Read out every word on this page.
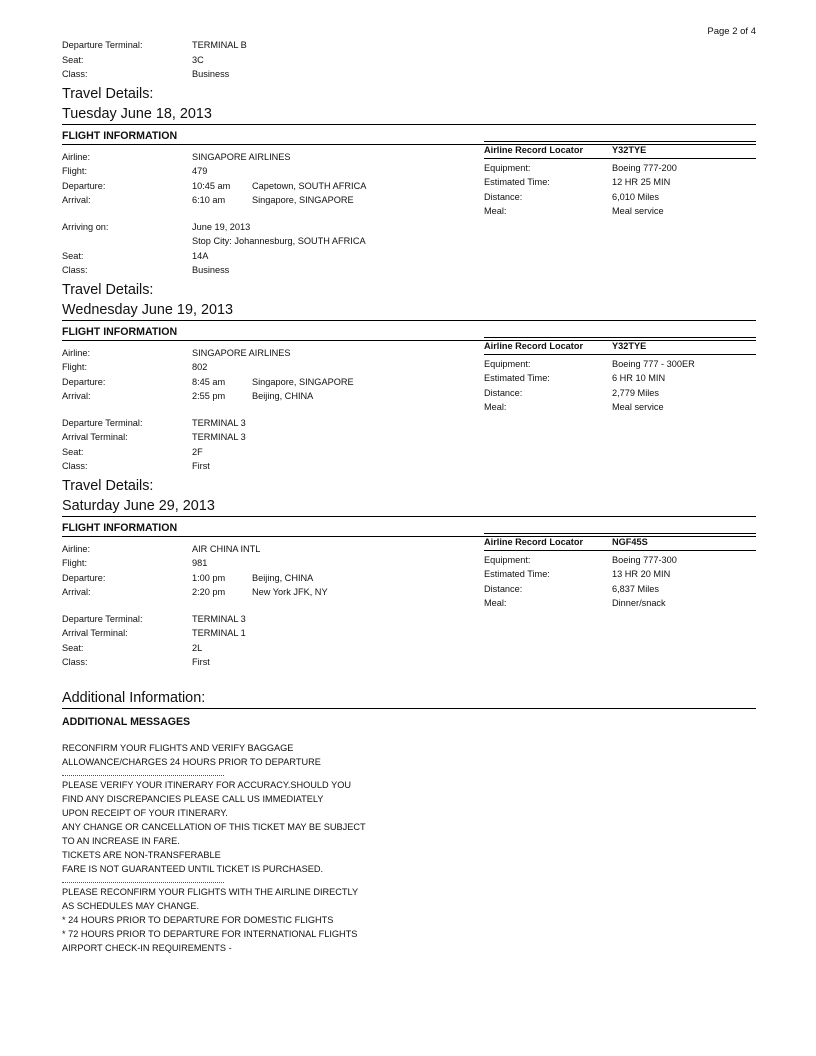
Page 2 of 4
Departure Terminal:	TERMINAL B
Seat:	3C
Class:	Business
Travel Details:
Tuesday June 18, 2013
FLIGHT INFORMATION
Airline:	SINGAPORE AIRLINES
Flight:	479
Departure:	10:45 am	Capetown, SOUTH AFRICA
Arrival:	6:10 am	Singapore, SINGAPORE
Arriving on:	June 19, 2013
Stop City: Johannesburg, SOUTH AFRICA
Seat:	14A
Class:	Business
Airline Record Locator	Y32TYE
Equipment:	Boeing 777-200
Estimated Time:	12 HR 25 MIN
Distance:	6,010 Miles
Meal:	Meal service
Travel Details:
Wednesday June 19, 2013
FLIGHT INFORMATION
Airline:	SINGAPORE AIRLINES
Flight:	802
Departure:	8:45 am	Singapore, SINGAPORE
Arrival:	2:55 pm	Beijing, CHINA
Departure Terminal:	TERMINAL 3
Arrival Terminal:	TERMINAL 3
Seat:	2F
Class:	First
Airline Record Locator	Y32TYE
Equipment:	Boeing 777 - 300ER
Estimated Time:	6 HR 10 MIN
Distance:	2,779 Miles
Meal:	Meal service
Travel Details:
Saturday June 29, 2013
FLIGHT INFORMATION
Airline:	AIR CHINA INTL
Flight:	981
Departure:	1:00 pm	Beijing, CHINA
Arrival:	2:20 pm	New York JFK, NY
Departure Terminal:	TERMINAL 3
Arrival Terminal:	TERMINAL 1
Seat:	2L
Class:	First
Airline Record Locator	NGF45S
Equipment:	Boeing 777-300
Estimated Time:	13 HR 20 MIN
Distance:	6,837 Miles
Meal:	Dinner/snack
Additional Information:
ADDITIONAL MESSAGES
RECONFIRM YOUR FLIGHTS AND VERIFY BAGGAGE
ALLOWANCE/CHARGES 24 HOURS PRIOR TO DEPARTURE
PLEASE VERIFY YOUR ITINERARY FOR ACCURACY.SHOULD YOU
FIND ANY DISCREPANCIES PLEASE CALL US IMMEDIATELY
UPON RECEIPT OF YOUR ITINERARY.
ANY CHANGE OR CANCELLATION OF THIS TICKET MAY BE SUBJECT
TO AN INCREASE IN FARE.
TICKETS ARE NON-TRANSFERABLE
FARE IS NOT GUARANTEED UNTIL TICKET IS PURCHASED.
PLEASE RECONFIRM YOUR FLIGHTS WITH THE AIRLINE DIRECTLY
AS SCHEDULES MAY CHANGE.
* 24 HOURS PRIOR TO DEPARTURE FOR DOMESTIC FLIGHTS
* 72 HOURS PRIOR TO DEPARTURE FOR INTERNATIONAL FLIGHTS
AIRPORT CHECK-IN REQUIREMENTS -
